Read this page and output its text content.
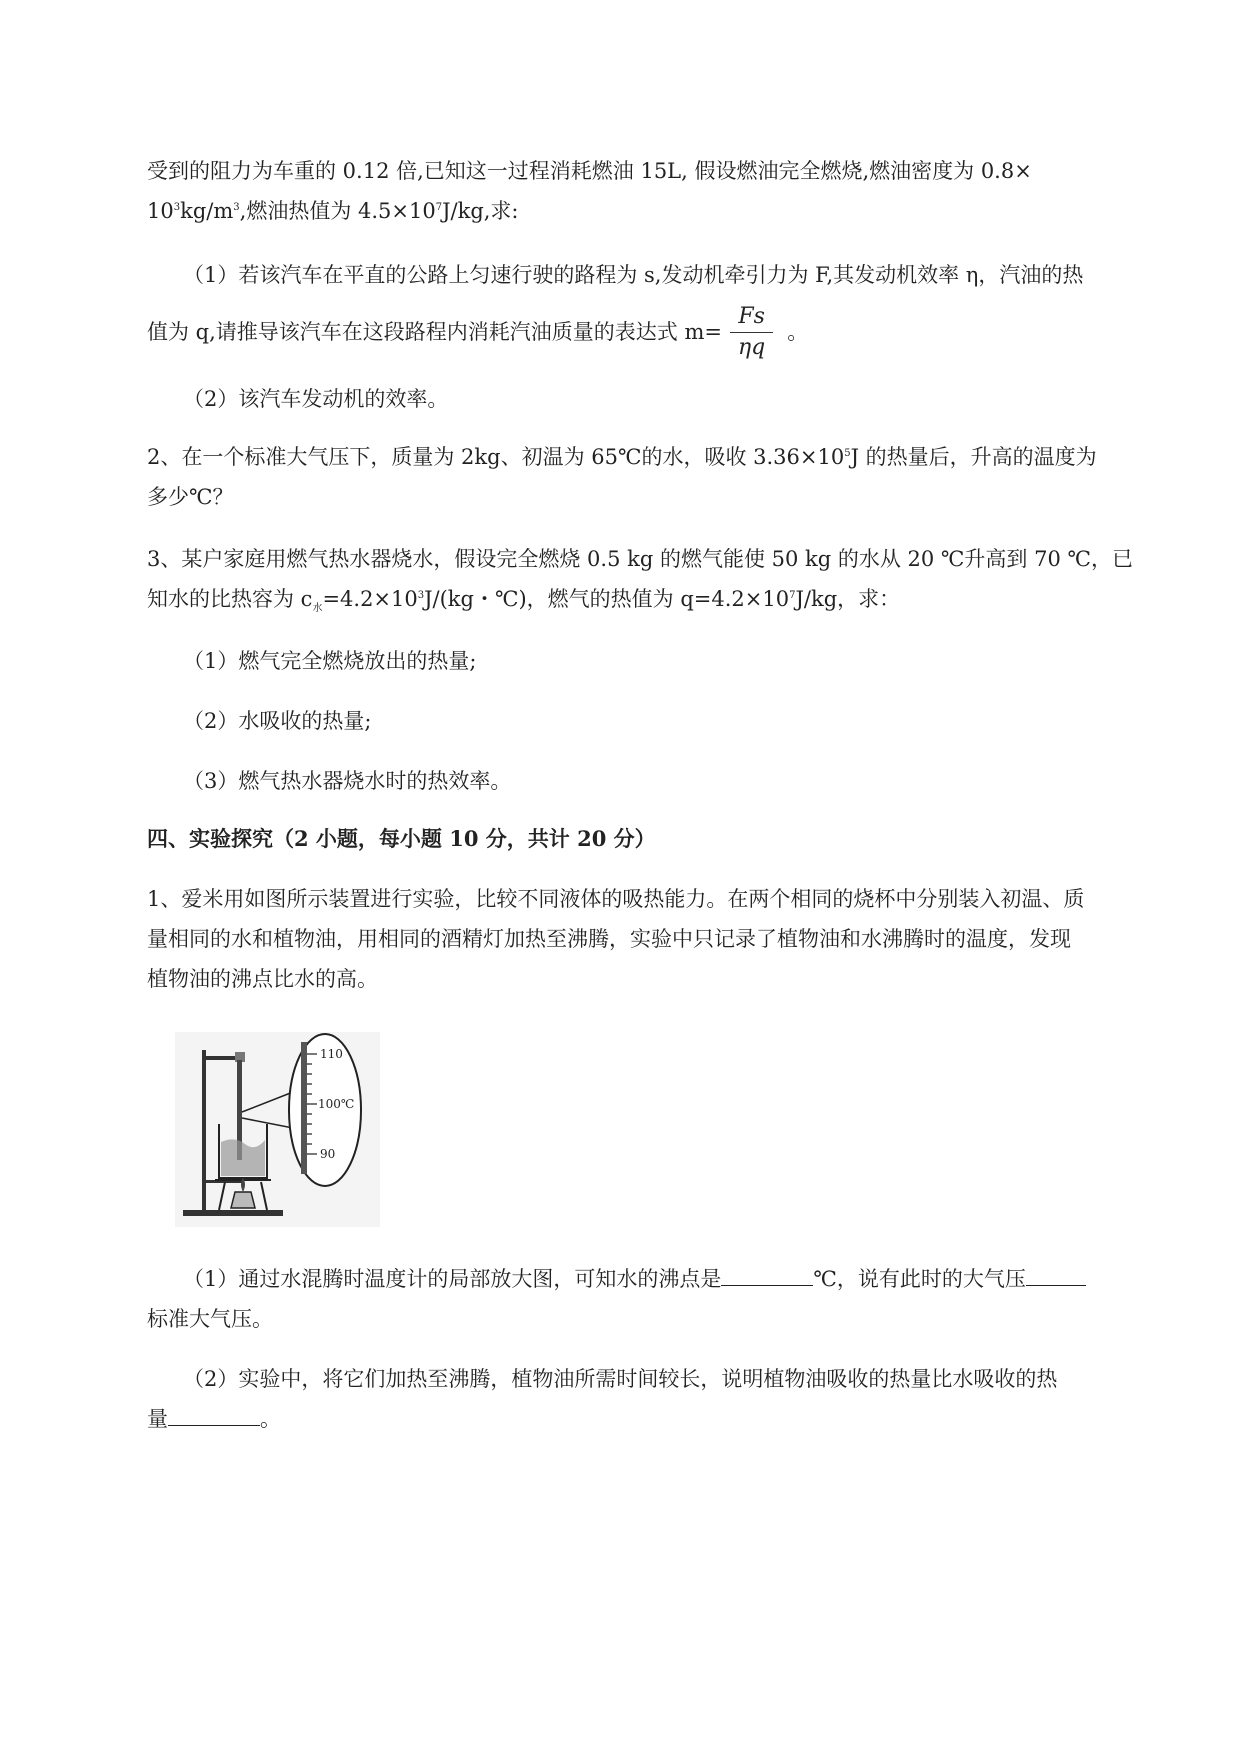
受到的阻力为车重的 0.12 倍,已知这一过程消耗燃油 15L, 假设燃油完全燃烧,燃油密度为 0.8×

$10^3kg/m^3$,燃油热值为 $4.5\times 10^7J/kg$,求:

（1）若该汽车在平直的公路上匀速行驶的路程为 s,发动机牵引力为 F,其发动机效率 η，汽油的热

值为 q,请推导该汽车在这段路程内消耗汽油质量的表达式 $m= \frac{Fs}{\eta q}$ 。

（2）该汽车发动机的效率。

2、在一个标准大气压下，质量为 2kg、初温为 65℃的水，吸收 $3.36\times 10^5J$ 的热量后，升高的温度为

多少℃？

3、某户家庭用燃气热水器烧水，假设完全燃烧 0.5 kg 的燃气能使 50 kg 的水从 20 ℃升高到 70 ℃，已

知水的比热容为 $c_水=4.2\times 10^3J/(kg$・℃)，燃气的热值为 $q=4.2\times 10^7J/kg$，求：

（1）燃气完全燃烧放出的热量;

（2）水吸收的热量;

（3）燃气热水器烧水时的热效率。

四、实验探究（2 小题，每小题 10 分，共计 20 分）

1、爱米用如图所示装置进行实验，比较不同液体的吸热能力。在两个相同的烧杯中分别装入初温、质

量相同的水和植物油，用相同的酒精灯加热至沸腾，实验中只记录了植物油和水沸腾时的温度，发现

植物油的沸点比水的高。

110
100℃
90

（1）通过水混腾时温度计的局部放大图，可知水的沸点是	℃，说有此时的大气压

标准大气压。

（2）实验中，将它们加热至沸腾，植物油所需时间较长，说明植物油吸收的热量比水吸收的热

量	。
